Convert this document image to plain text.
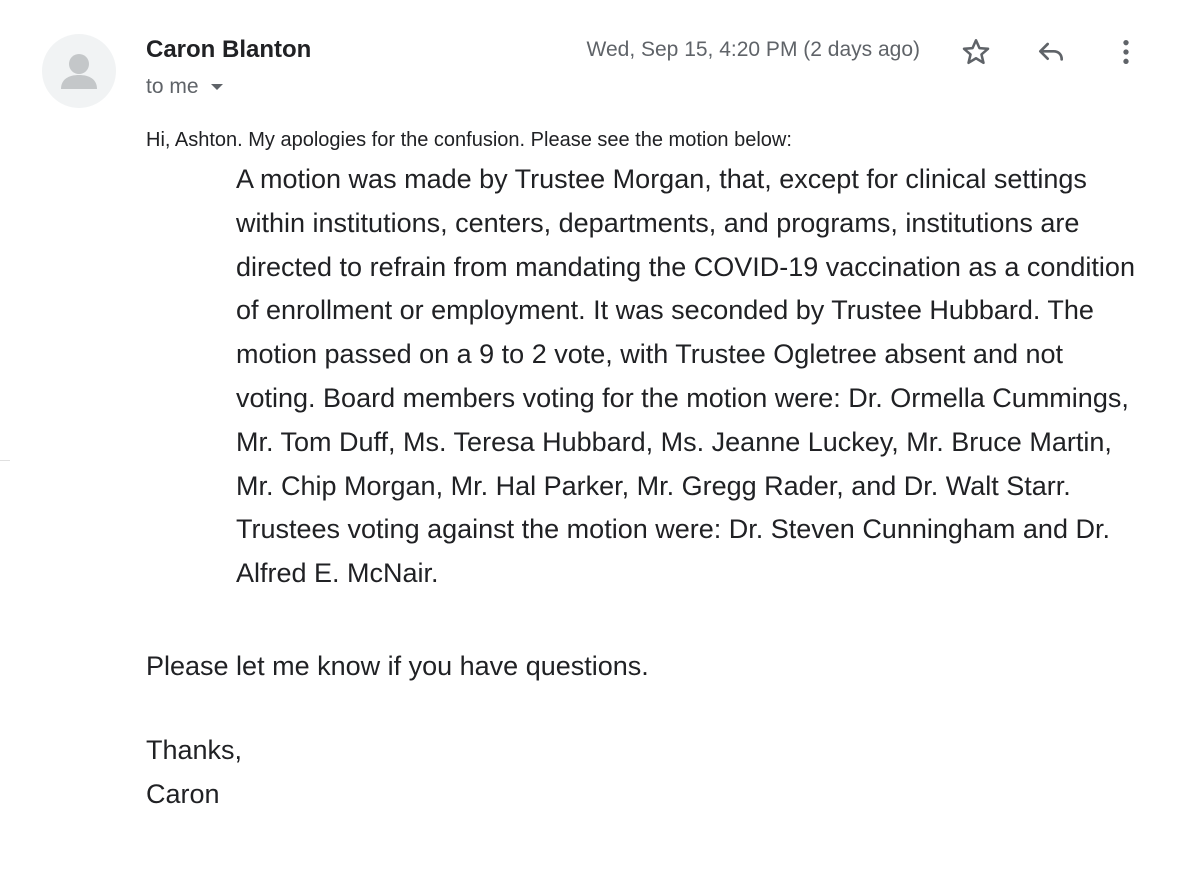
Caron Blanton
to me
Wed, Sep 15, 4:20 PM (2 days ago)

Hi, Ashton. My apologies for the confusion. Please see the motion below:

A motion was made by Trustee Morgan, that, except for clinical settings within institutions, centers, departments, and programs, institutions are directed to refrain from mandating the COVID-19 vaccination as a condition of enrollment or employment. It was seconded by Trustee Hubbard. The motion passed on a 9 to 2 vote, with Trustee Ogletree absent and not voting. Board members voting for the motion were: Dr. Ormella Cummings, Mr. Tom Duff, Ms. Teresa Hubbard, Ms. Jeanne Luckey, Mr. Bruce Martin, Mr. Chip Morgan, Mr. Hal Parker, Mr. Gregg Rader, and Dr. Walt Starr. Trustees voting against the motion were: Dr. Steven Cunningham and Dr. Alfred E. McNair.

Please let me know if you have questions.

Thanks,
Caron
